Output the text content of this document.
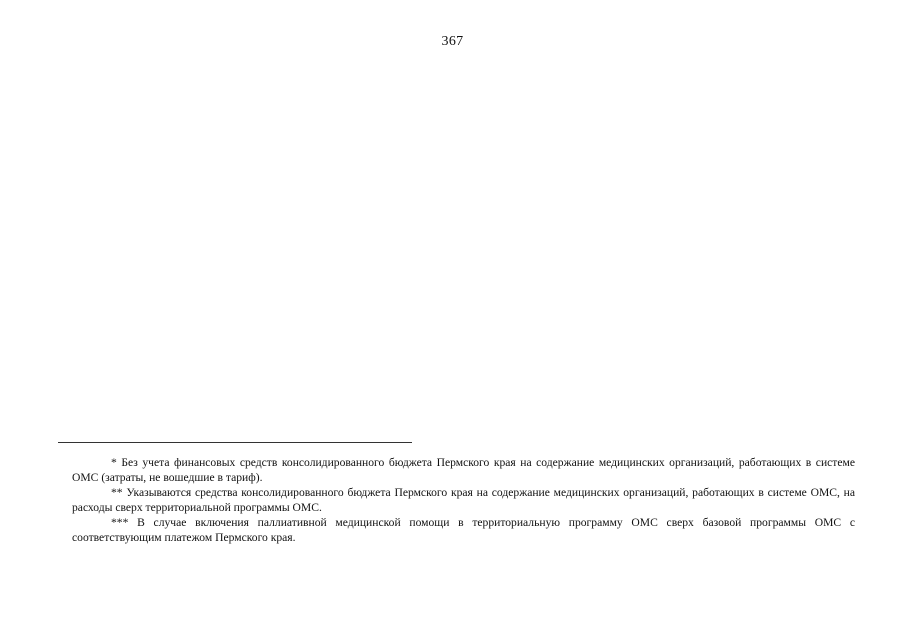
367

* Без учета финансовых средств консолидированного бюджета Пермского края на содержание медицинских организаций, работающих в системе ОМС (затраты, не вошедшие в тариф).

** Указываются средства консолидированного бюджета Пермского края на содержание медицинских организаций, работающих в системе ОМС, на расходы сверх территориальной программы ОМС.

*** В случае включения паллиативной медицинской помощи в территориальную программу ОМС сверх базовой программы ОМС с соответствующим платежом Пермского края.
